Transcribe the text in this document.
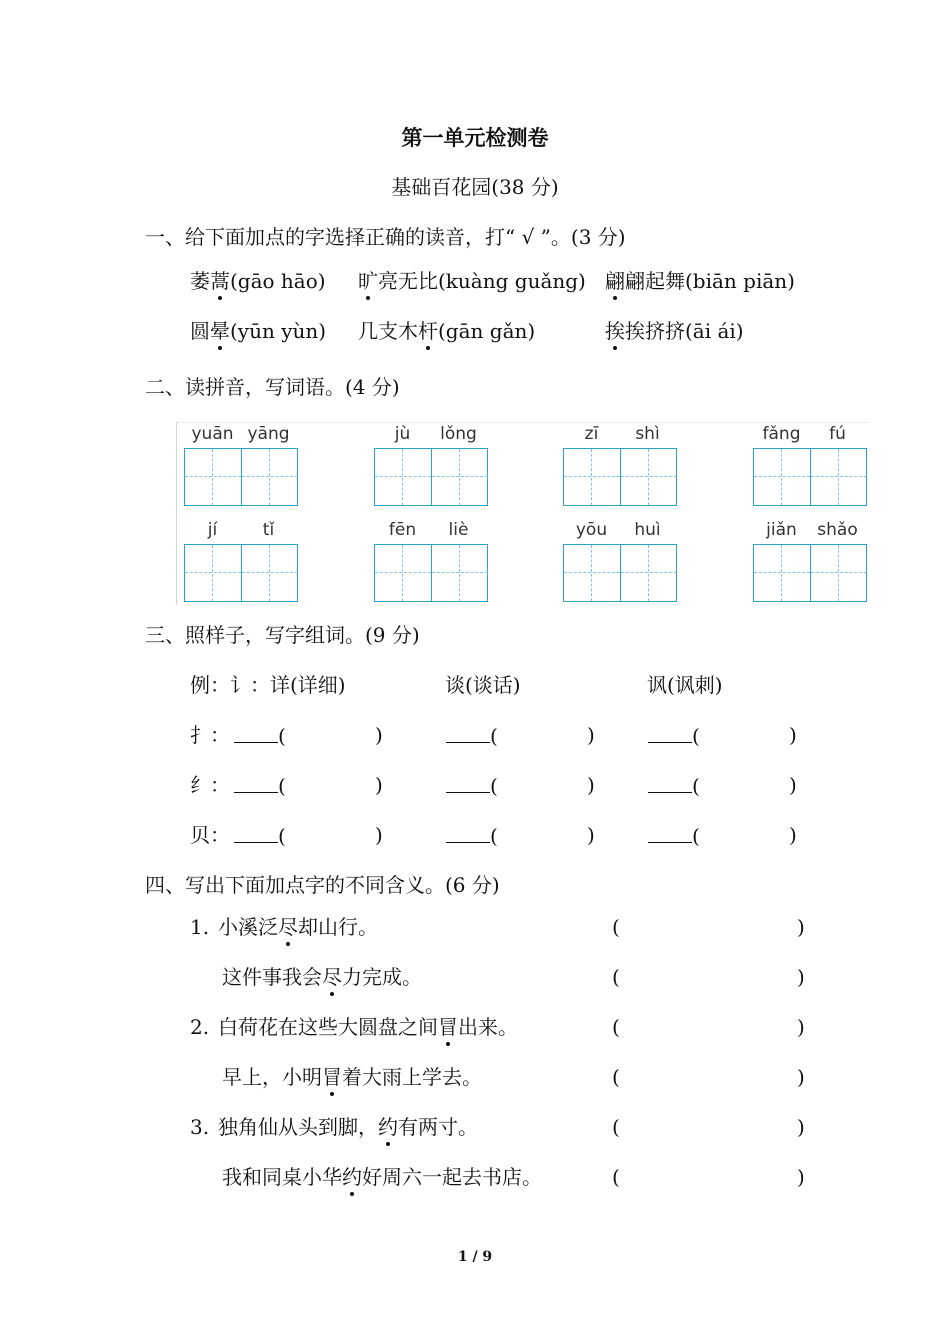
第一单元检测卷
基础百花园(38 分)
一、给下面加点的字选择正确的读音，打“ √ ”。(3 分)
萎蒿(gāo hāo) 旷亮无比(kuàng guǎng) 翩翩起舞(biān piān)
圆晕(yūn yùn) 几支木杆(gān gǎn)	挨挨挤挤(āi ái)
二、读拼音，写词语。(4 分)
yuān yāng	jù	lǒng	zī	shì	fǎng	fú
jí	tǐ	fēn	liè	yōu	huì	jiǎn	shǎo
三、照样子，写字组词。(9 分)
例：讠：详(详细)	谈(谈话)	讽(讽刺)
扌：	(	)	(	)	(	)
纟：	(	)	(	)	(	)
贝：	(	)	(	)	(	)
四、写出下面加点字的不同含义。(6 分)
1. 小溪泛尽却山行。	(	)
这件事我会尽力完成。	(	)
2. 白荷花在这些大圆盘之间冒出来。	(	)
早上，小明冒着大雨上学去。	(	)
3. 独角仙从头到脚，约有两寸。	(	)
我和同桌小华约好周六一起去书店。	(	)
1 / 9
